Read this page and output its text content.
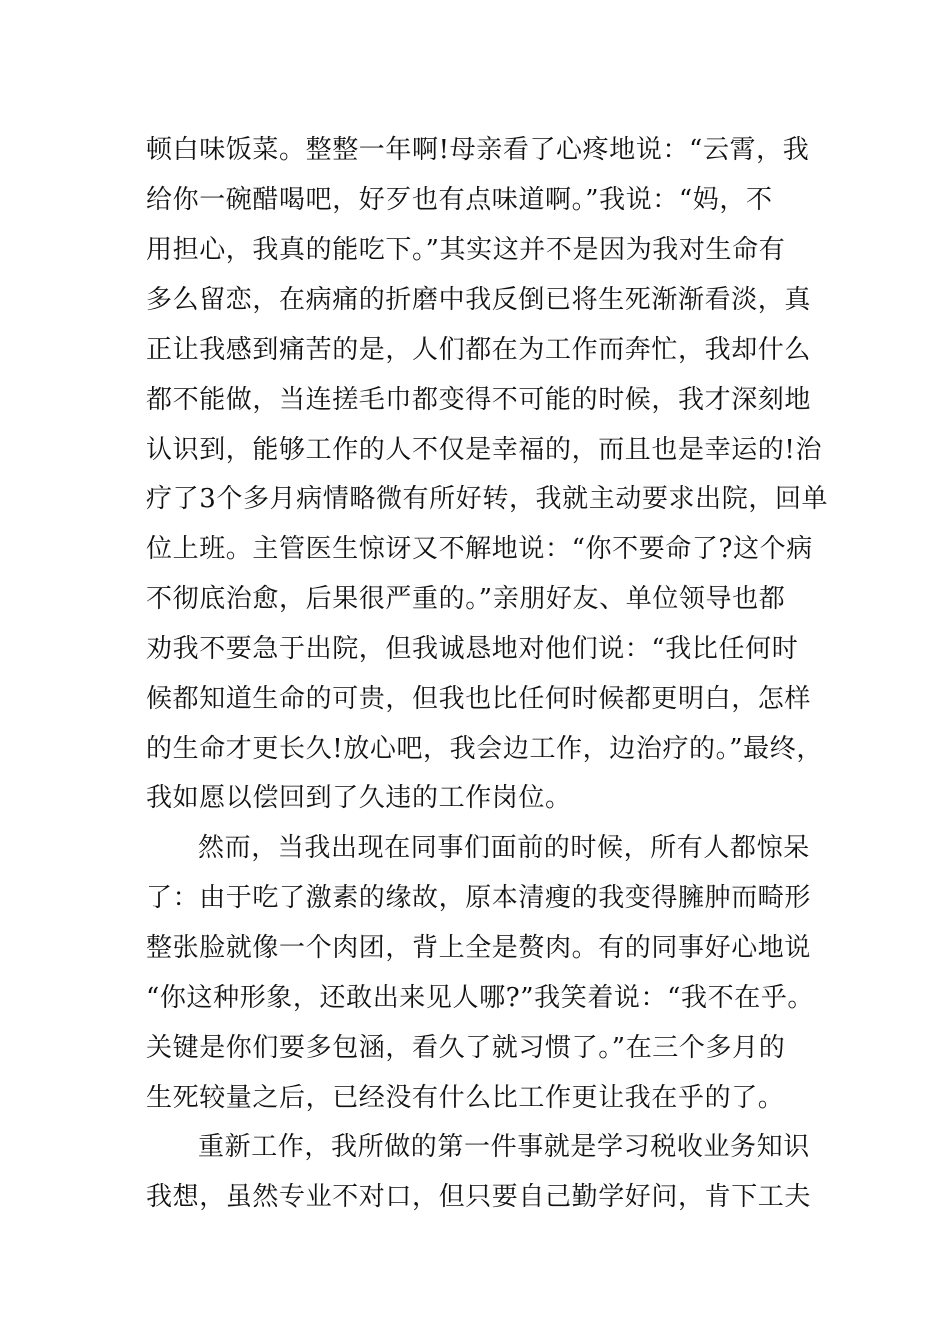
顿白味饭菜。整整一年啊!母亲看了心疼地说：“云霄，我
给你一碗醋喝吧，好歹也有点味道啊。”我说：“妈，不
用担心，我真的能吃下。”其实这并不是因为我对生命有
多么留恋，在病痛的折磨中我反倒已将生死渐渐看淡，真
正让我感到痛苦的是，人们都在为工作而奔忙，我却什么
都不能做，当连搓毛巾都变得不可能的时候，我才深刻地
认识到，能够工作的人不仅是幸福的，而且也是幸运的!治
疗了3个多月病情略微有所好转，我就主动要求出院，回单
位上班。主管医生惊讶又不解地说：“你不要命了?这个病
不彻底治愈，后果很严重的。”亲朋好友、单位领导也都
劝我不要急于出院，但我诚恳地对他们说：“我比任何时
候都知道生命的可贵，但我也比任何时候都更明白，怎样
的生命才更长久!放心吧，我会边工作，边治疗的。”最终，
我如愿以偿回到了久违的工作岗位。
然而，当我出现在同事们面前的时候，所有人都惊呆
了：由于吃了激素的缘故，原本清瘦的我变得臃肿而畸形
整张脸就像一个肉团，背上全是赘肉。有的同事好心地说
“你这种形象，还敢出来见人哪?”我笑着说：“我不在乎。
关键是你们要多包涵，看久了就习惯了。”在三个多月的
生死较量之后，已经没有什么比工作更让我在乎的了。
重新工作，我所做的第一件事就是学习税收业务知识
我想，虽然专业不对口，但只要自己勤学好问，肯下工夫
